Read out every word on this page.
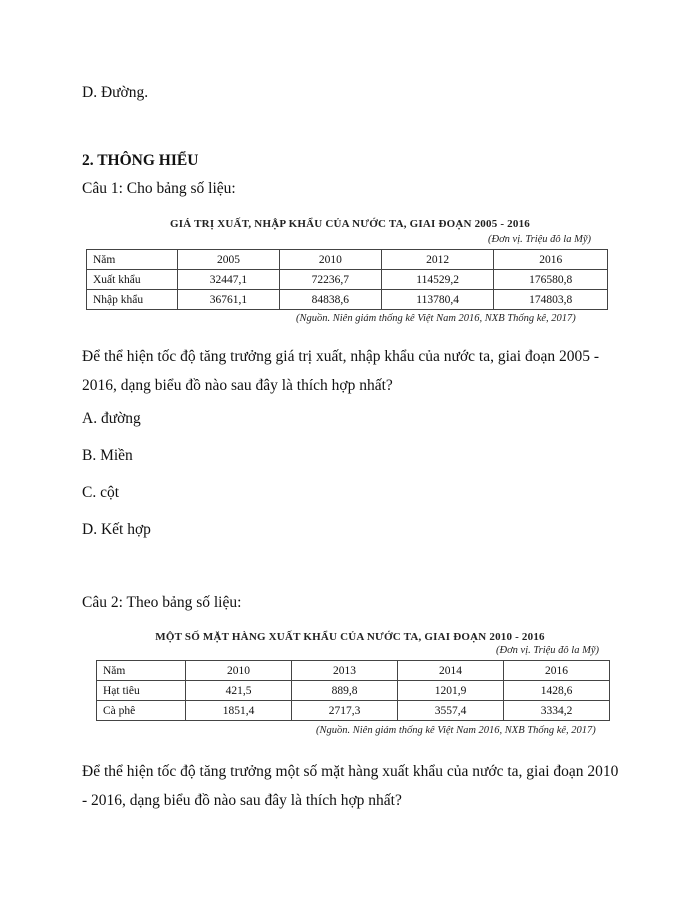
D. Đường.
2. THÔNG HIỂU
Câu 1: Cho bảng số liệu:
GIÁ TRỊ XUẤT, NHẬP KHẨU CỦA NƯỚC TA, GIAI ĐOẠN 2005 - 2016
(Đơn vị. Triệu đô la Mỹ)
Năm	2005	2010	2012	2016
Xuất khẩu	32447,1	72236,7	114529,2	176580,8
Nhập khẩu	36761,1	84838,6	113780,4	174803,8
(Nguồn. Niên giám thống kê Việt Nam 2016, NXB Thống kê, 2017)
Để thể hiện tốc độ tăng trưởng giá trị xuất, nhập khẩu của nước ta, giai đoạn 2005 - 2016, dạng biểu đồ nào sau đây là thích hợp nhất?
A. đường
B. Miền
C. cột
D. Kết hợp
Câu 2: Theo bảng số liệu:
MỘT SỐ MẶT HÀNG XUẤT KHẨU CỦA NƯỚC TA, GIAI ĐOẠN 2010 - 2016
(Đơn vị. Triệu đô la Mỹ)
Năm	2010	2013	2014	2016
Hạt tiêu	421,5	889,8	1201,9	1428,6
Cà phê	1851,4	2717,3	3557,4	3334,2
(Nguồn. Niên giám thống kê Việt Nam 2016, NXB Thống kê, 2017)
Để thể hiện tốc độ tăng trưởng một số mặt hàng xuất khẩu của nước ta, giai đoạn 2010 - 2016, dạng biểu đồ nào sau đây là thích hợp nhất?
